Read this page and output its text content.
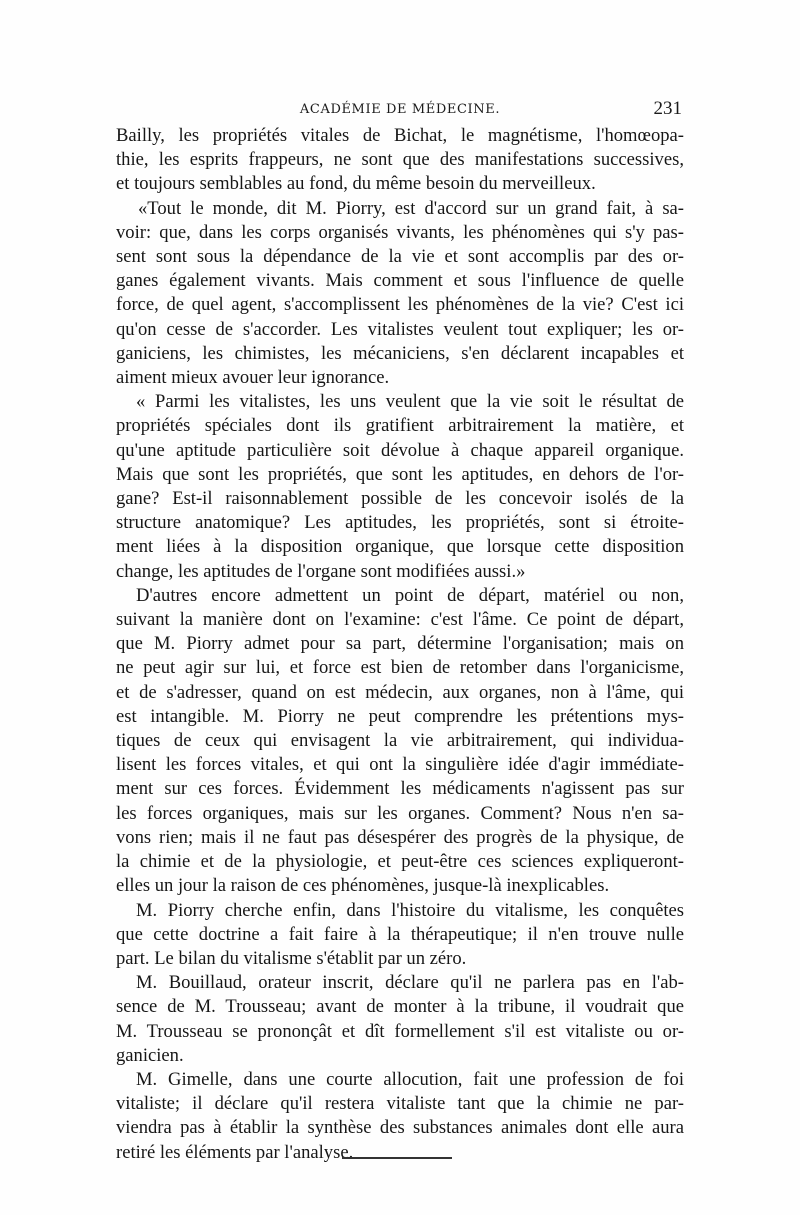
ACADÉMIE DE MÉDECINE.	231

Bailly, les propriétés vitales de Bichat, le magnétisme, l'homœopa-
thie, les esprits frappeurs, ne sont que des manifestations successives,
et toujours semblables au fond, du même besoin du merveilleux.

«Tout le monde, dit M. Piorry, est d'accord sur un grand fait, à sa-
voir: que, dans les corps organisés vivants, les phénomènes qui s'y pas-
sent sont sous la dépendance de la vie et sont accomplis par des or-
ganes également vivants. Mais comment et sous l'influence de quelle
force, de quel agent, s'accomplissent les phénomènes de la vie? C'est ici
qu'on cesse de s'accorder. Les vitalistes veulent tout expliquer; les or-
ganiciens, les chimistes, les mécaniciens, s'en déclarent incapables et
aiment mieux avouer leur ignorance.

« Parmi les vitalistes, les uns veulent que la vie soit le résultat de
propriétés spéciales dont ils gratifient arbitrairement la matière, et
qu'une aptitude particulière soit dévolue à chaque appareil organique.
Mais que sont les propriétés, que sont les aptitudes, en dehors de l'or-
gane? Est-il raisonnablement possible de les concevoir isolés de la
structure anatomique? Les aptitudes, les propriétés, sont si étroite-
ment liées à la disposition organique, que lorsque cette disposition
change, les aptitudes de l'organe sont modifiées aussi.»

D'autres encore admettent un point de départ, matériel ou non,
suivant la manière dont on l'examine: c'est l'âme. Ce point de départ,
que M. Piorry admet pour sa part, détermine l'organisation; mais on
ne peut agir sur lui, et force est bien de retomber dans l'organicisme,
et de s'adresser, quand on est médecin, aux organes, non à l'âme, qui
est intangible. M. Piorry ne peut comprendre les prétentions mys-
tiques de ceux qui envisagent la vie arbitrairement, qui individua-
lisent les forces vitales, et qui ont la singulière idée d'agir immédiate-
ment sur ces forces. Évidemment les médicaments n'agissent pas sur
les forces organiques, mais sur les organes. Comment? Nous n'en sa-
vons rien; mais il ne faut pas désespérer des progrès de la physique, de
la chimie et de la physiologie, et peut-être ces sciences expliqueront-
elles un jour la raison de ces phénomènes, jusque-là inexplicables.

M. Piorry cherche enfin, dans l'histoire du vitalisme, les conquêtes
que cette doctrine a fait faire à la thérapeutique; il n'en trouve nulle
part. Le bilan du vitalisme s'établit par un zéro.

M. Bouillaud, orateur inscrit, déclare qu'il ne parlera pas en l'ab-
sence de M. Trousseau; avant de monter à la tribune, il voudrait que
M. Trousseau se prononçât et dît formellement s'il est vitaliste ou or-
ganicien.

M. Gimelle, dans une courte allocution, fait une profession de foi
vitaliste; il déclare qu'il restera vitaliste tant que la chimie ne par-
viendra pas à établir la synthèse des substances animales dont elle aura
retiré les éléments par l'analyse.
